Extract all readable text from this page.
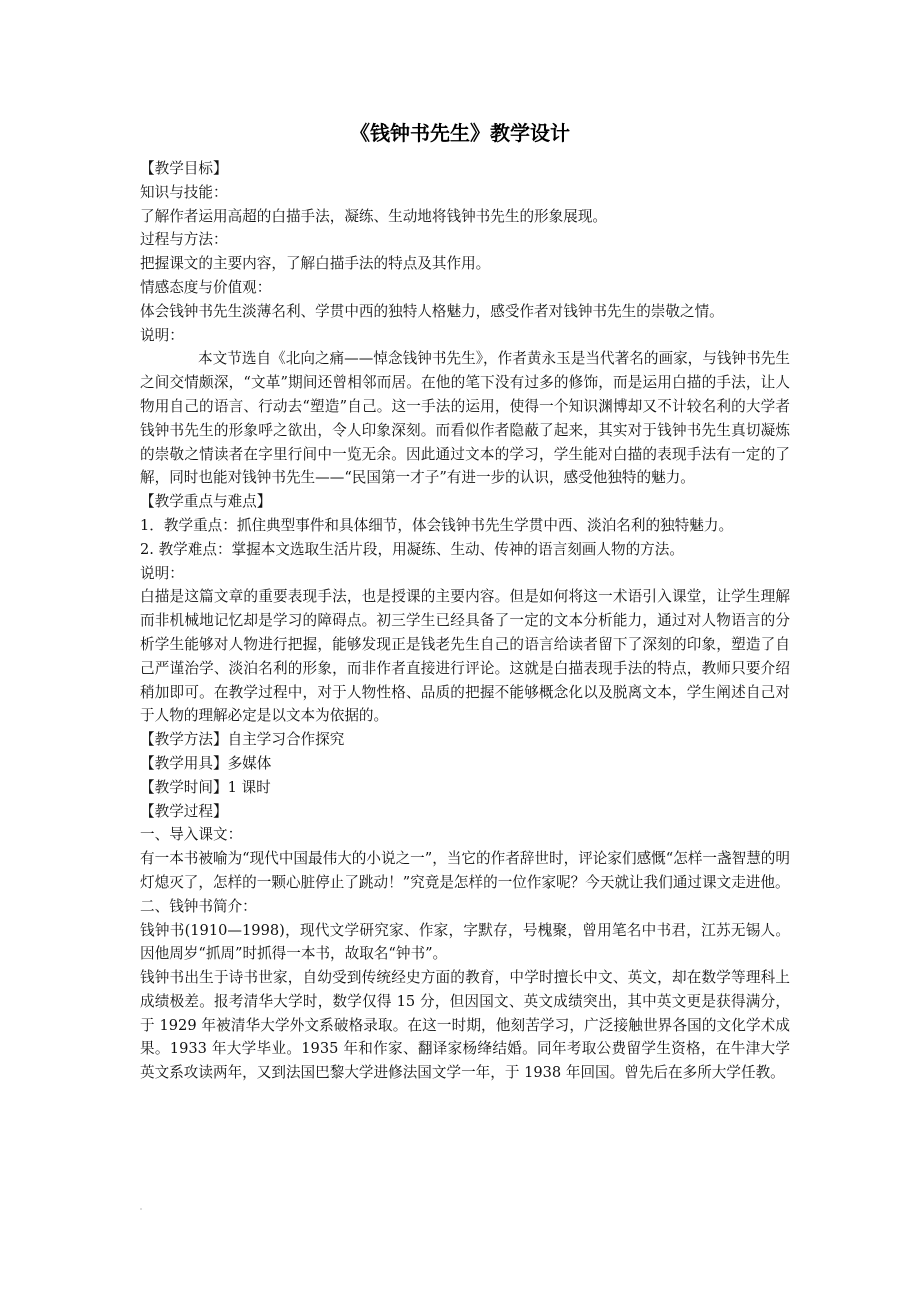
《钱钟书先生》教学设计

【教学目标】

知识与技能：

了解作者运用高超的白描手法，凝练、生动地将钱钟书先生的形象展现。

过程与方法：

把握课文的主要内容，了解白描手法的特点及其作用。

情感态度与价值观：

体会钱钟书先生淡薄名利、学贯中西的独特人格魅力，感受作者对钱钟书先生的崇敬之情。

说明：

本文节选自《北向之痛——悼念钱钟书先生》，作者黄永玉是当代著名的画家，与钱钟书先生之间交情颇深，“文革”期间还曾相邻而居。在他的笔下没有过多的修饰，而是运用白描的手法，让人物用自己的语言、行动去“塑造”自己。这一手法的运用，使得一个知识渊博却又不计较名利的大学者钱钟书先生的形象呼之欲出，令人印象深刻。而看似作者隐蔽了起来，其实对于钱钟书先生真切凝炼的崇敬之情读者在字里行间中一览无余。因此通过文本的学习，学生能对白描的表现手法有一定的了解，同时也能对钱钟书先生——“民国第一才子”有进一步的认识，感受他独特的魅力。

【教学重点与难点】

1．教学重点：抓住典型事件和具体细节，体会钱钟书先生学贯中西、淡泊名利的独特魅力。

2. 教学难点：掌握本文选取生活片段，用凝练、生动、传神的语言刻画人物的方法。

说明：

白描是这篇文章的重要表现手法，也是授课的主要内容。但是如何将这一术语引入课堂，让学生理解而非机械地记忆却是学习的障碍点。初三学生已经具备了一定的文本分析能力，通过对人物语言的分析学生能够对人物进行把握，能够发现正是钱老先生自己的语言给读者留下了深刻的印象，塑造了自己严谨治学、淡泊名利的形象，而非作者直接进行评论。这就是白描表现手法的特点，教师只要介绍稍加即可。在教学过程中，对于人物性格、品质的把握不能够概念化以及脱离文本，学生阐述自己对于人物的理解必定是以文本为依据的。

【教学方法】自主学习合作探究

【教学用具】多媒体

【教学时间】1 课时

【教学过程】

一、导入课文：

有一本书被喻为“现代中国最伟大的小说之一”，当它的作者辞世时，评论家们感慨“怎样一盏智慧的明灯熄灭了，怎样的一颗心脏停止了跳动！”究竟是怎样的一位作家呢？今天就让我们通过课文走进他。

二、钱钟书简介：

钱钟书(1910—1998)，现代文学研究家、作家，字默存，号槐聚，曾用笔名中书君，江苏无锡人。因他周岁“抓周”时抓得一本书，故取名“钟书”。

钱钟书出生于诗书世家，自幼受到传统经史方面的教育，中学时擅长中文、英文，却在数学等理科上成绩极差。报考清华大学时，数学仅得 15 分，但因国文、英文成绩突出，其中英文更是获得满分，于 1929 年被清华大学外文系破格录取。在这一时期，他刻苦学习，广泛接触世界各国的文化学术成果。1933 年大学毕业。1935 年和作家、翻译家杨绛结婚。同年考取公费留学生资格，在牛津大学英文系攻读两年，又到法国巴黎大学进修法国文学一年，于 1938 年回国。曾先后在多所大学任教。
